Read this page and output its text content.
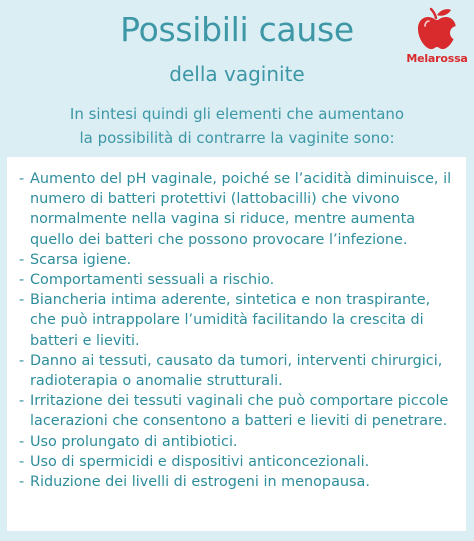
Possibili cause
della vaginite
Melarossa
In sintesi quindi gli elementi che aumentano
la possibilità di contrarre la vaginite sono:
- Aumento del pH vaginale, poiché se l’acidità diminuisce, il numero di batteri protettivi (lattobacilli) che vivono normalmente nella vagina si riduce, mentre aumenta quello dei batteri che possono provocare l’infezione.
- Scarsa igiene.
- Comportamenti sessuali a rischio.
- Biancheria intima aderente, sintetica e non traspirante, che può intrappolare l’umidità facilitando la crescita di batteri e lieviti.
- Danno ai tessuti, causato da tumori, interventi chirurgici, radioterapia o anomalie strutturali.
- Irritazione dei tessuti vaginali che può comportare piccole lacerazioni che consentono a batteri e lieviti di penetrare.
- Uso prolungato di antibiotici.
- Uso di spermicidi e dispositivi anticoncezionali.
- Riduzione dei livelli di estrogeni in menopausa.
